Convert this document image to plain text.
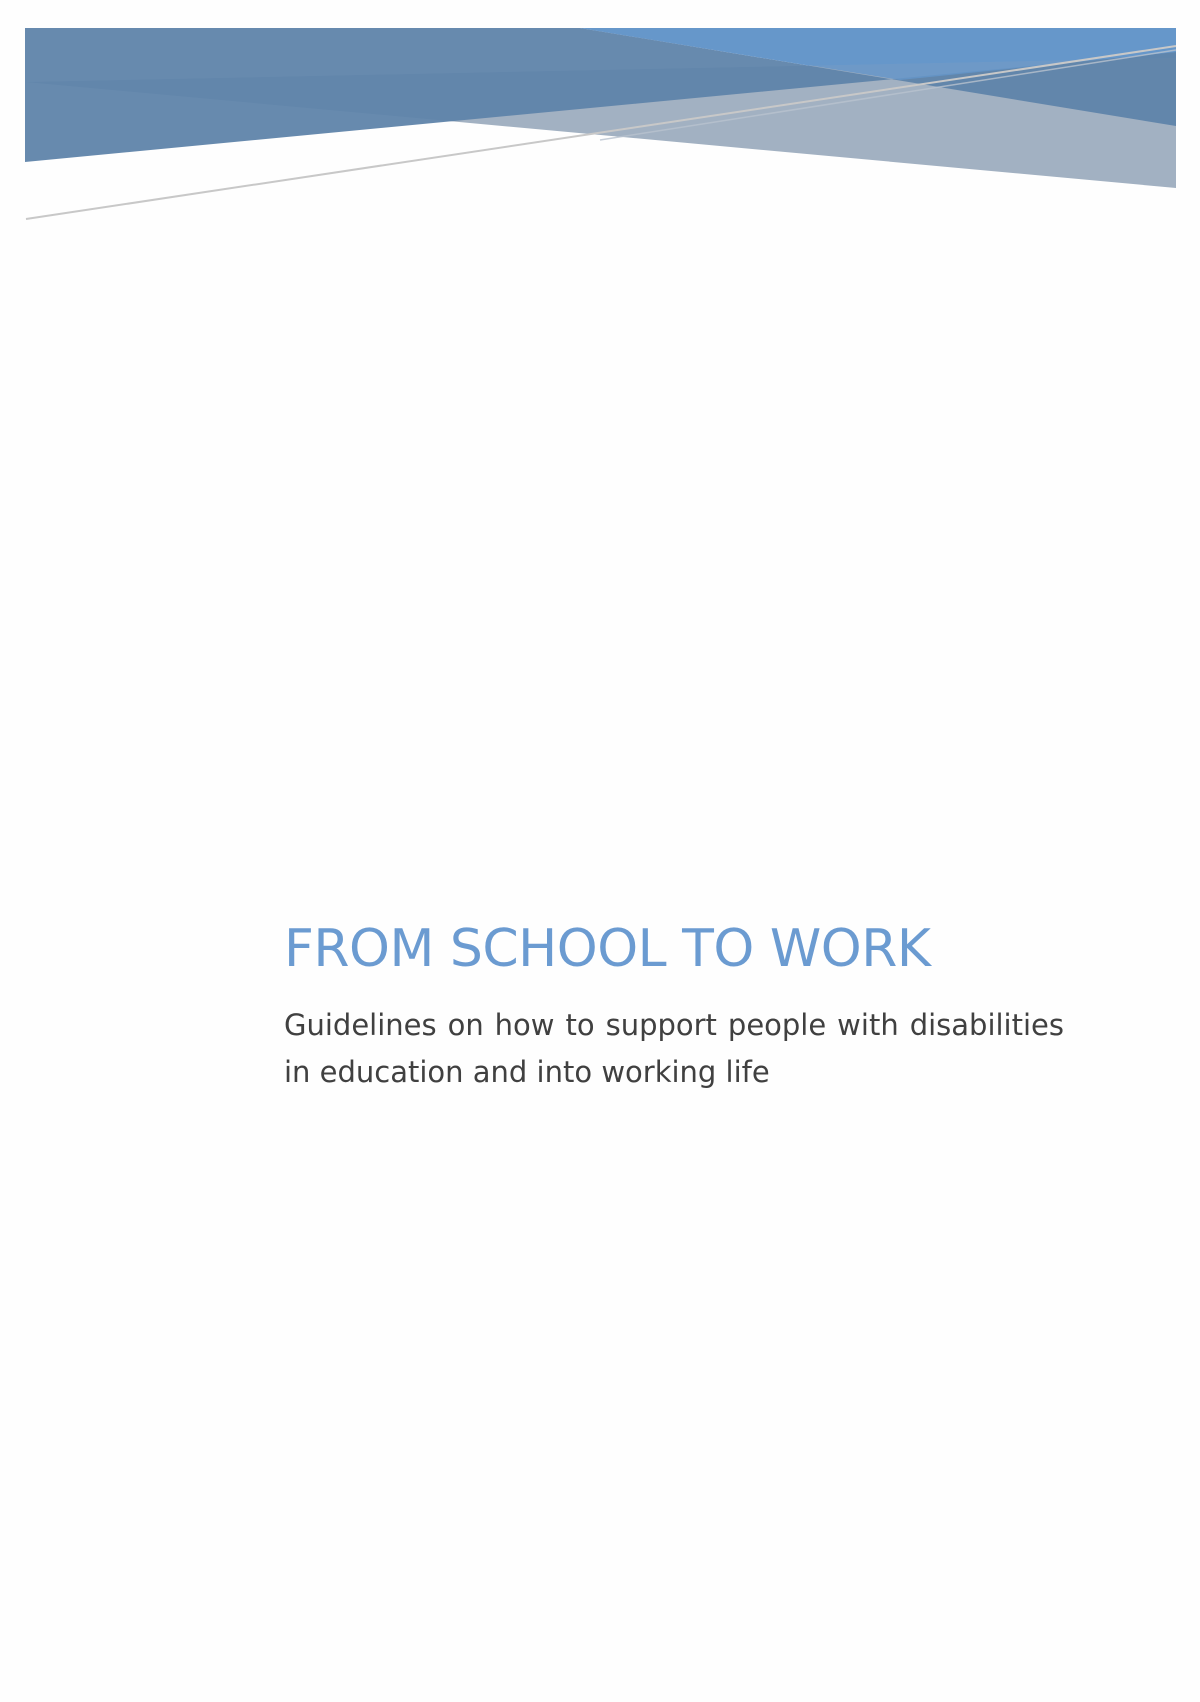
FROM SCHOOL TO WORK

Guidelines on how to support people with disabilities in education and into working life
